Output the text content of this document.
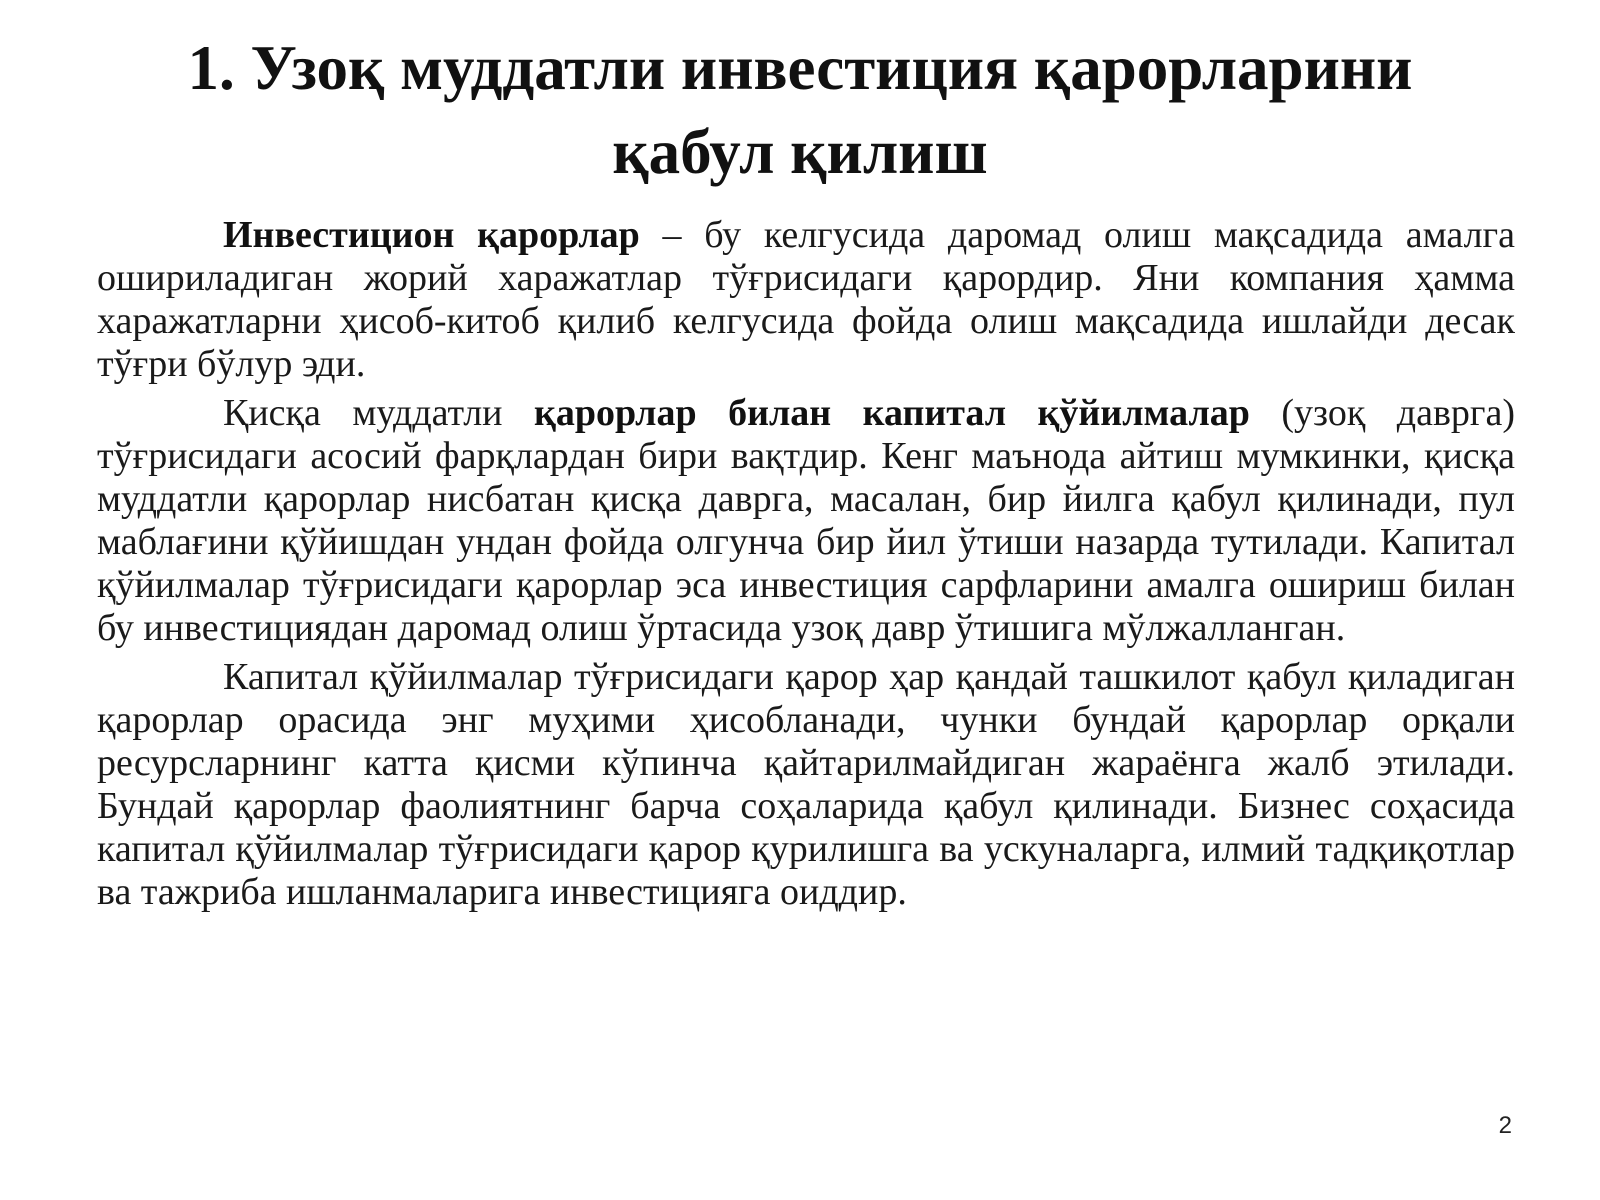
1. Узоқ муддатли инвестиция қарорларини
қабул қилиш

Инвестицион қарорлар – бу келгусида даромад олиш мақсадида амалга ошириладиган жорий харажатлар тўғрисидаги қарордир. Яни компания ҳамма харажатларни ҳисоб-китоб қилиб келгусида фойда олиш мақсадида ишлайди десак тўғри бўлур эди.

Қисқа муддатли қарорлар билан капитал қўйилмалар (узоқ даврга) тўғрисидаги асосий фарқлардан бири вақтдир. Кенг маънода айтиш мумкинки, қисқа муддатли қарорлар нисбатан қисқа даврга, масалан, бир йилга қабул қилинади, пул маблағини қўйишдан ундан фойда олгунча бир йил ўтиши назарда тутилади. Капитал қўйилмалар тўғрисидаги қарорлар эса инвестиция сарфларини амалга ошириш билан бу инвестициядан даромад олиш ўртасида узоқ давр ўтишига мўлжалланган.

Капитал қўйилмалар тўғрисидаги қарор ҳар қандай ташкилот қабул қиладиган қарорлар орасида энг муҳими ҳисобланади, чунки бундай қарорлар орқали ресурсларнинг катта қисми кўпинча қайтарилмайдиган жараёнга жалб этилади. Бундай қарорлар фаолиятнинг барча соҳаларида қабул қилинади. Бизнес соҳасида капитал қўйилмалар тўғрисидаги қарор қурилишга ва ускуналарга, илмий тадқиқотлар ва тажриба ишланмаларига инвестицияга оиддир.

2
